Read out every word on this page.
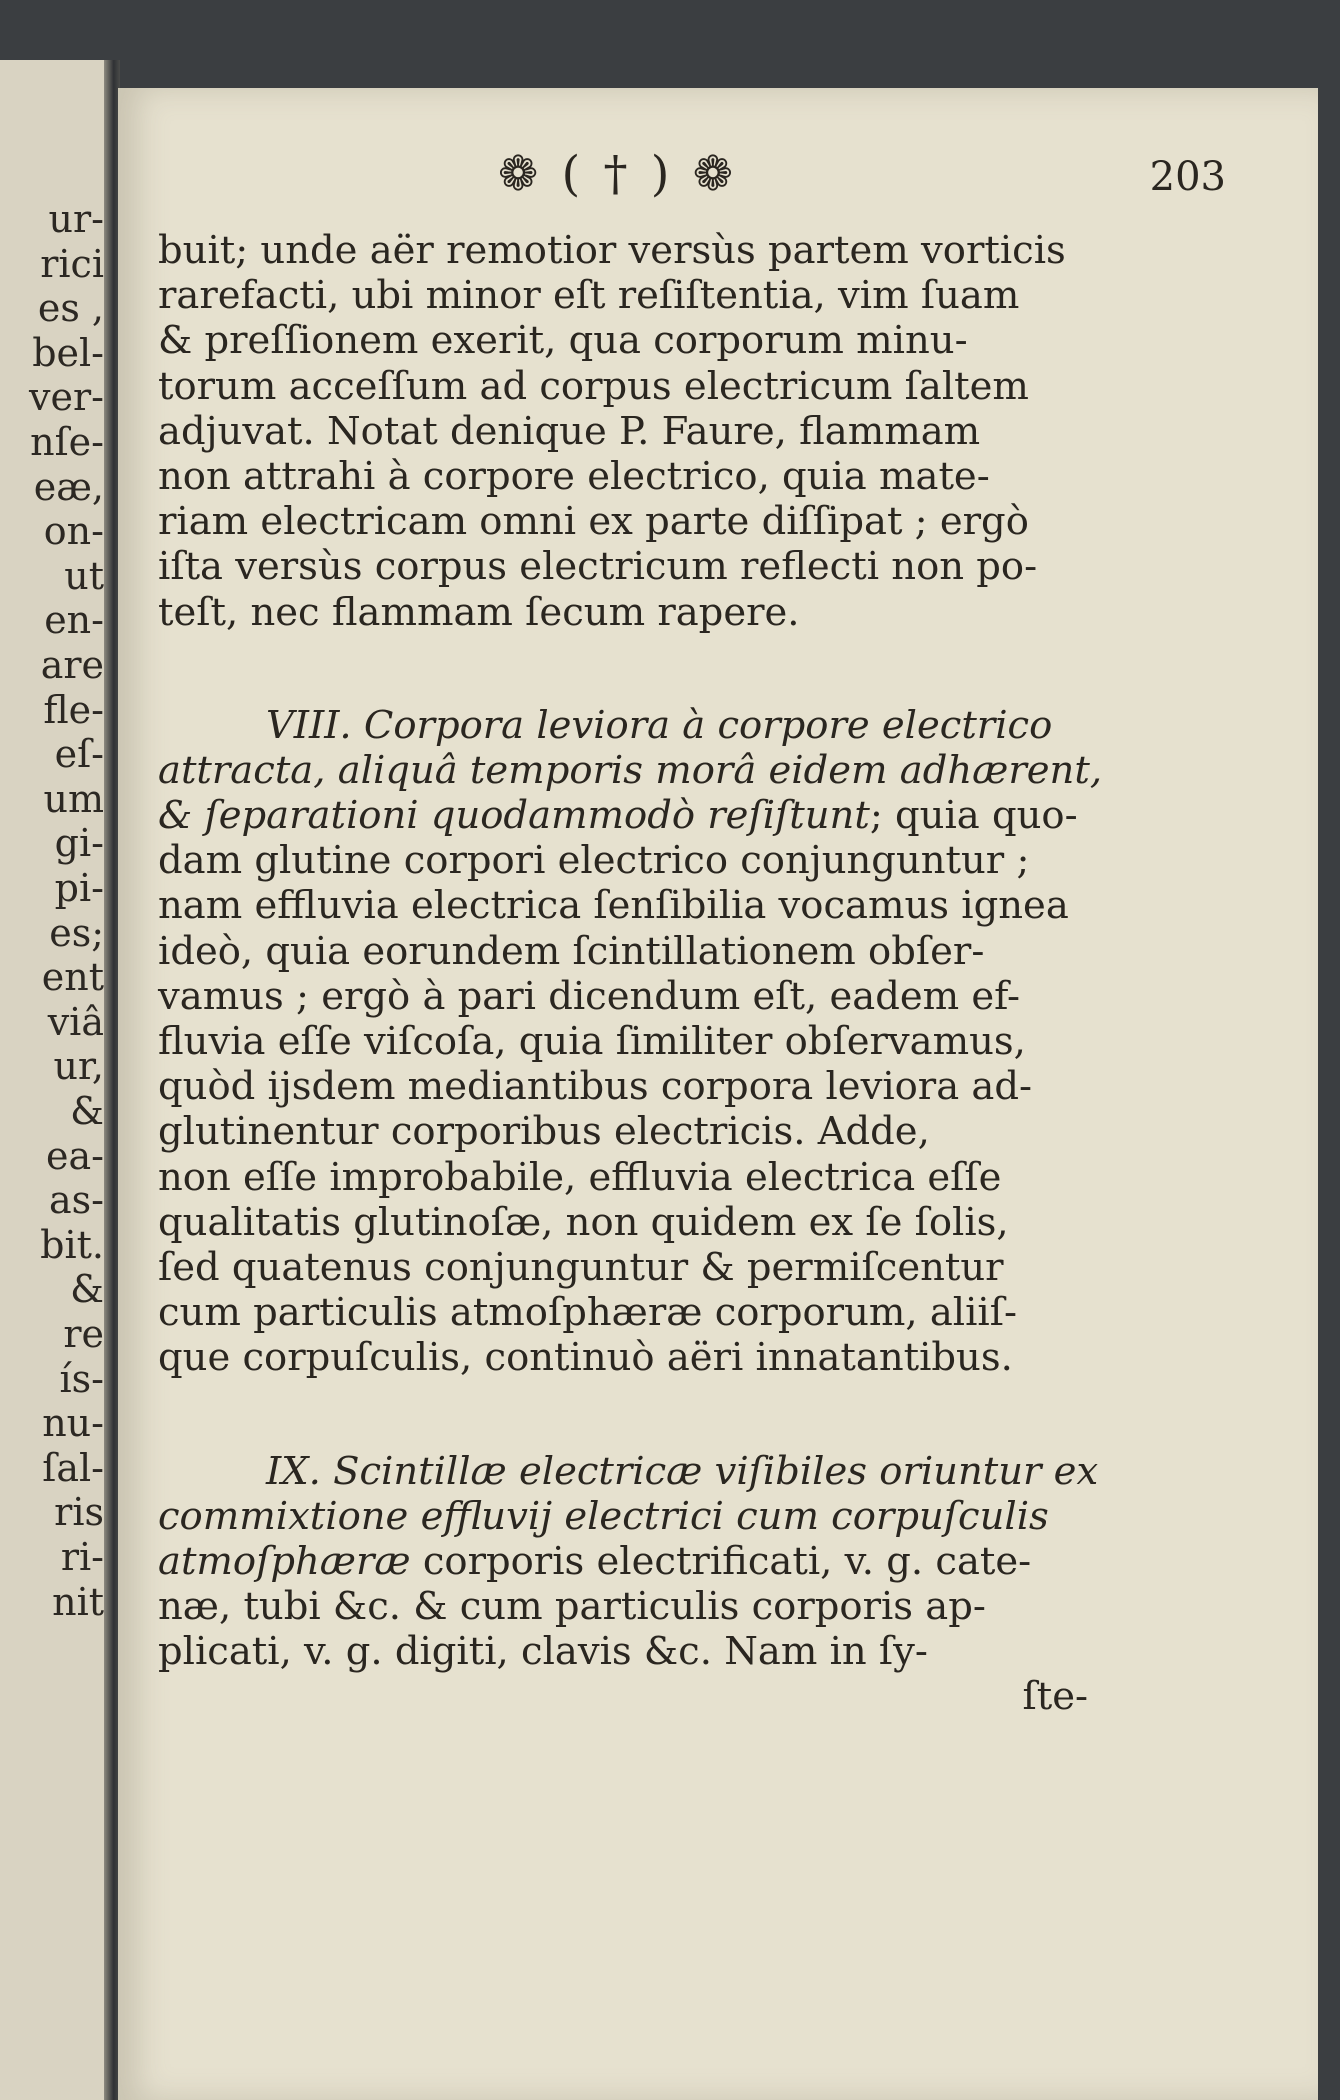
ur-
rici
es ,
bel-
ver-
nſe-
eæ,
on-
ut
en-
are
fle-
eſ-
um
gi-
pi-
es;
ent
viâ
ur,
&
ea-
as-
bit.
&
re
ís-
nu-
ſal-
ris
ri-
nit
❁ ( † ) ❁	203
buit; unde aër remotior versùs partem vorticis
rarefacti, ubi minor eſt reſiſtentia, vim ſuam
& preſſionem exerit, qua corporum minu-
torum acceſſum ad corpus electricum ſaltem
adjuvat. Notat denique P. Faure, flammam
non attrahi à corpore electrico, quia mate-
riam electricam omni ex parte diſſipat ; ergò
iſta versùs corpus electricum reflecti non po-
teſt, nec flammam ſecum rapere.
VIII. Corpora leviora à corpore electrico
attracta, aliquâ temporis morâ eidem adhærent,
& ſeparationi quodammodò reſiſtunt; quia quo-
dam glutine corpori electrico conjunguntur ;
nam effluvia electrica ſenſibilia vocamus ignea
ideò, quia eorundem ſcintillationem obſer-
vamus ; ergò à pari dicendum eſt, eadem ef-
fluvia eſſe viſcoſa, quia ſimiliter obſervamus,
quòd ijsdem mediantibus corpora leviora ad-
glutinentur corporibus electricis. Adde,
non eſſe improbabile, effluvia electrica eſſe
qualitatis glutinoſæ, non quidem ex ſe ſolis,
ſed quatenus conjunguntur & permiſcentur
cum particulis atmoſphæræ corporum, aliiſ-
que corpuſculis, continuò aëri innatantibus.
IX. Scintillæ electricæ viſibiles oriuntur ex
commixtione effluvij electrici cum corpuſculis
atmoſphæræ corporis electrificati, v. g. cate-
næ, tubi &c. & cum particulis corporis ap-
plicati, v. g. digiti, clavis &c. Nam in ſy-
ſte-
